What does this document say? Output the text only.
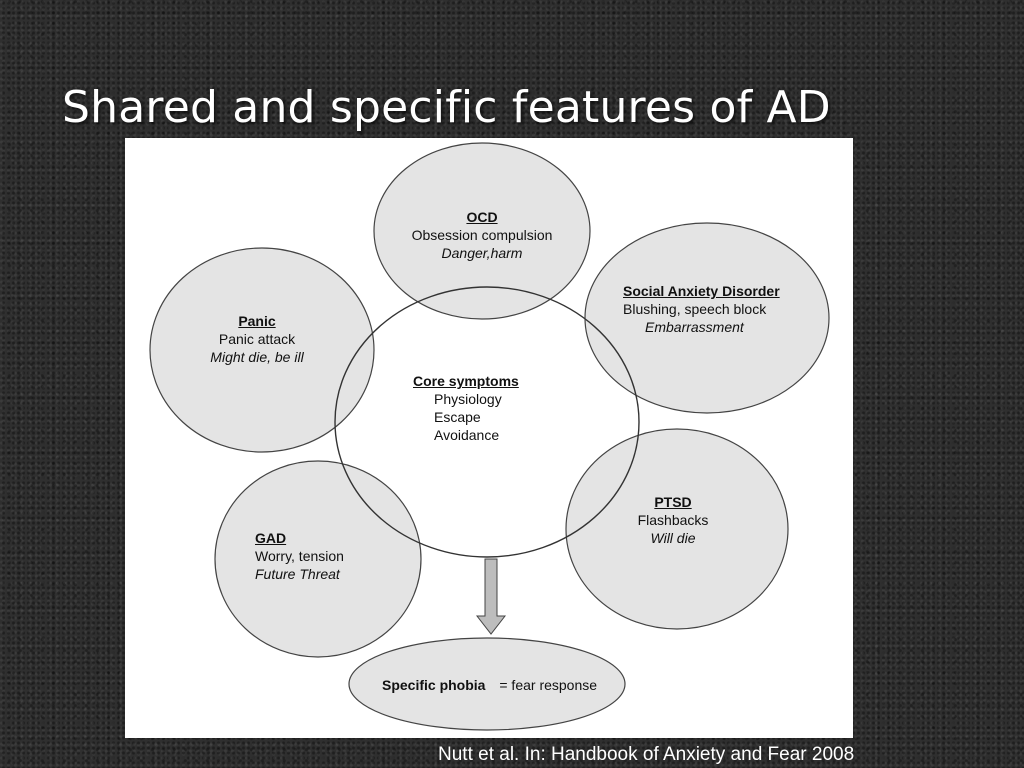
Shared and specific features of AD
OCD
Obsession compulsion
Danger,harm
Social Anxiety Disorder
Blushing, speech block
Embarrassment
Panic
Panic attack
Might die, be ill
Core symptoms
Physiology
Escape
Avoidance
GAD
Worry, tension
Future Threat
PTSD
Flashbacks
Will die
Specific phobia = fear response
Nutt et al. In: Handbook of Anxiety and Fear 2008
